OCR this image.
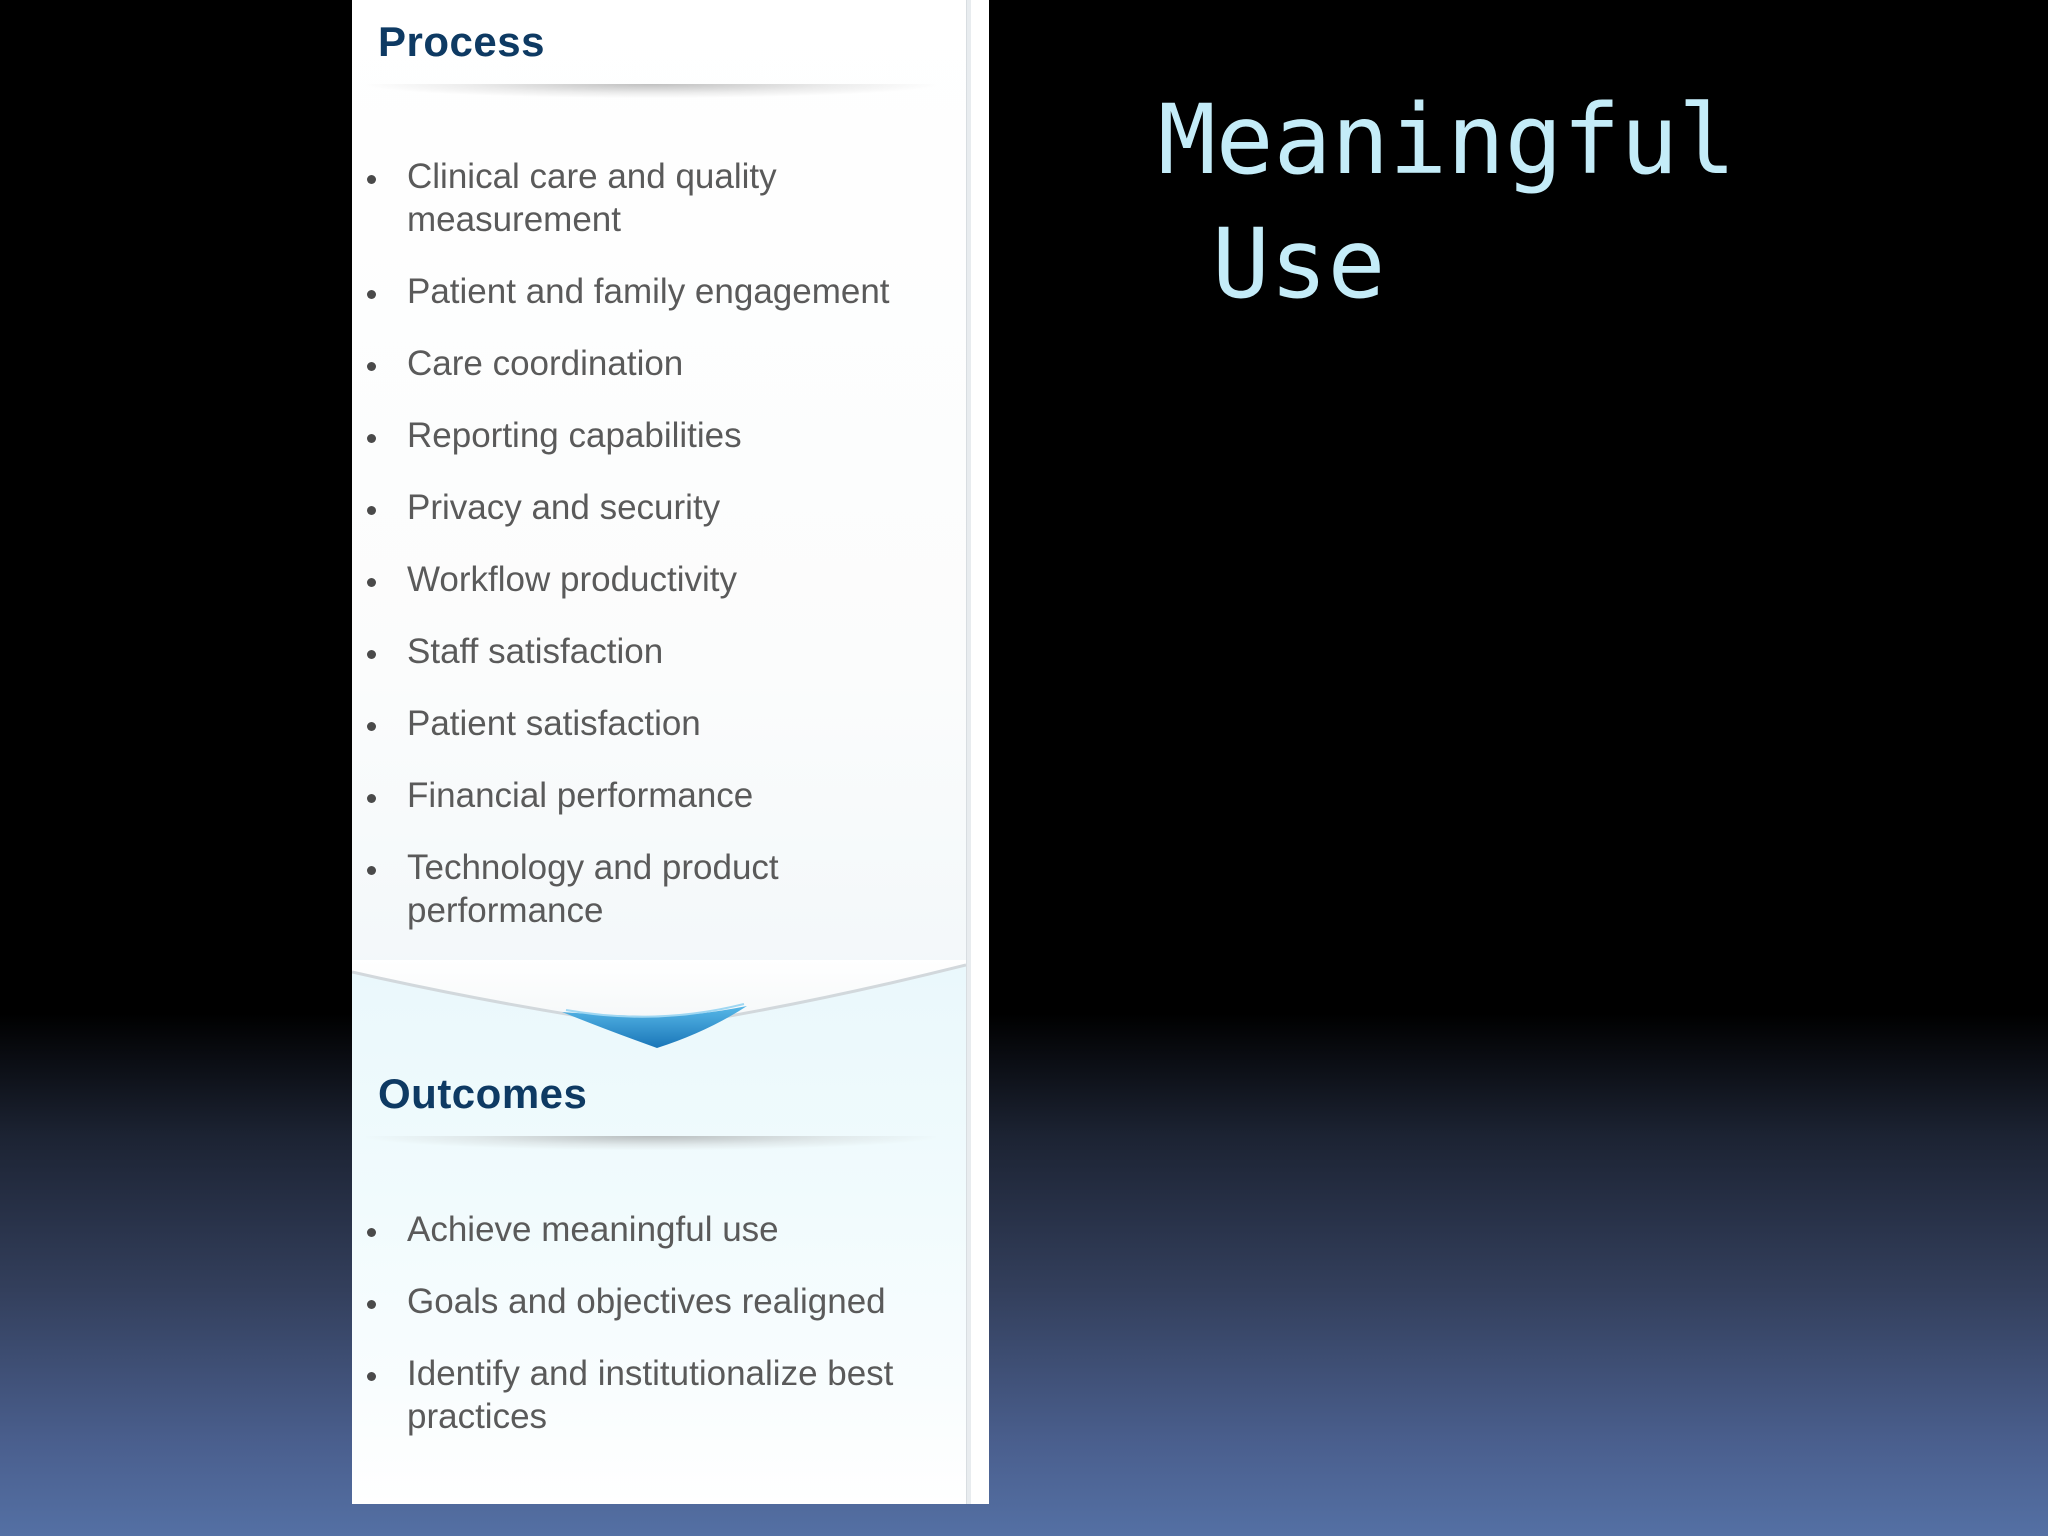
Meaningful
Use
Process
Clinical care and quality measurement
Patient and family engagement
Care coordination
Reporting capabilities
Privacy and security
Workflow productivity
Staff satisfaction
Patient satisfaction
Financial performance
Technology and product performance
Outcomes
Achieve meaningful use
Goals and objectives realigned
Identify and institutionalize best practices
